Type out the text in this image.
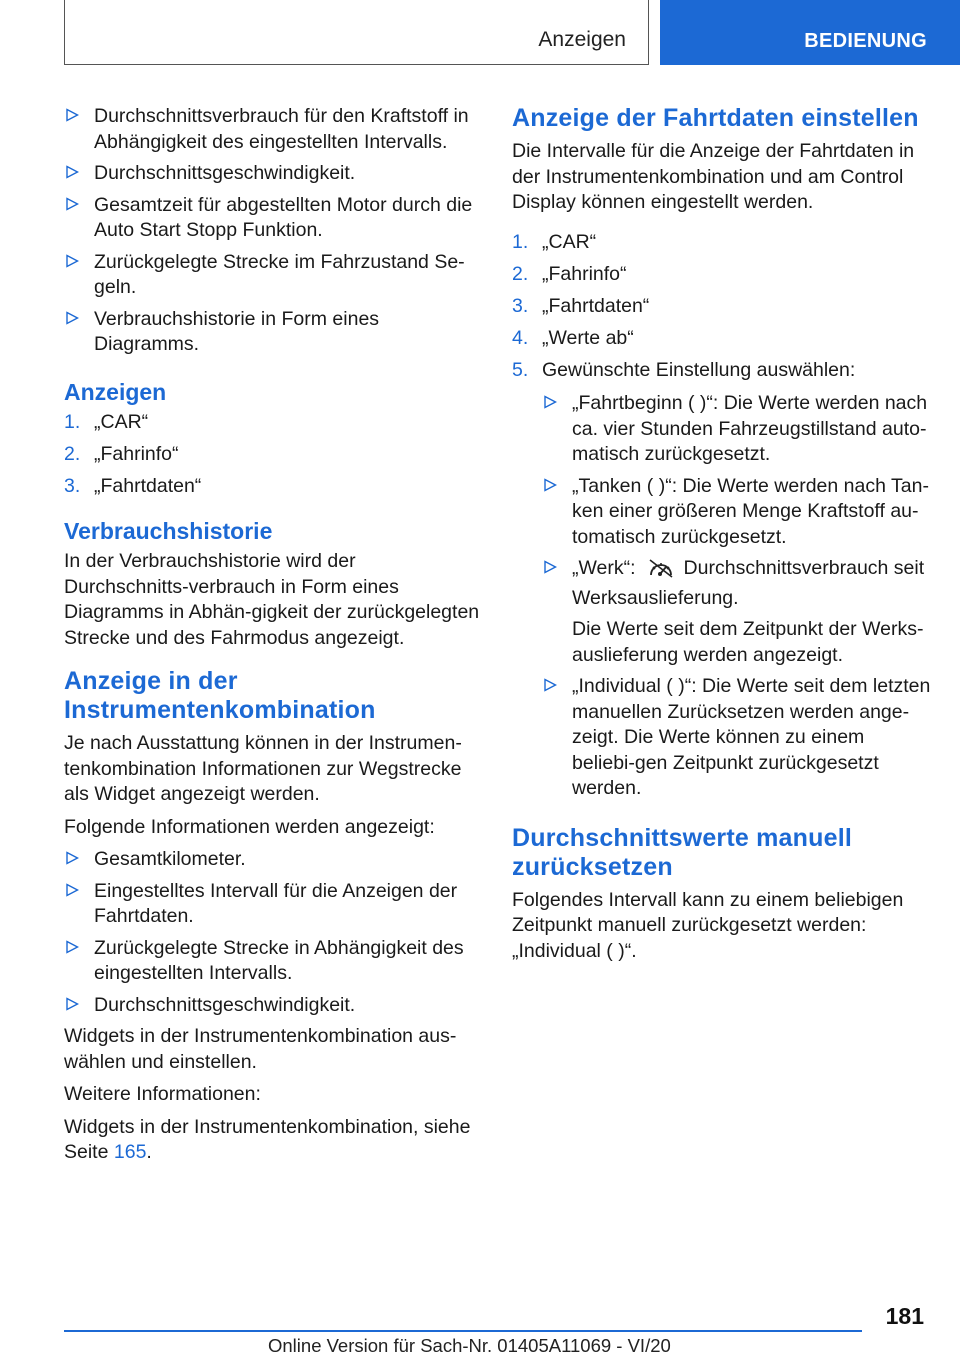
Anzeigen	BEDIENUNG
Durchschnittsverbrauch für den Kraftstoff in Abhängigkeit des eingestellten Intervalls.
Durchschnittsgeschwindigkeit.
Gesamtzeit für abgestellten Motor durch die Auto Start Stopp Funktion.
Zurückgelegte Strecke im Fahrzustand Se-geln.
Verbrauchshistorie in Form eines Diagramms.
Anzeigen
1. „CAR“
2. „Fahrinfo“
3. „Fahrtdaten“
Verbrauchshistorie

In der Verbrauchshistorie wird der Durchschnitts-verbrauch in Form eines Diagramms in Abhän-gigkeit der zurückgelegten Strecke und des Fahrmodus angezeigt.

Anzeige in der Instrumentenkombination

Je nach Ausstattung können in der Instrumen-tenkombination Informationen zur Wegstrecke als Widget angezeigt werden.

Folgende Informationen werden angezeigt:

Gesamtkilometer.
Eingestelltes Intervall für die Anzeigen der Fahrtdaten.
Zurückgelegte Strecke in Abhängigkeit des eingestellten Intervalls.
Durchschnittsgeschwindigkeit.

Widgets in der Instrumentenkombination aus-wählen und einstellen.

Weitere Informationen:

Widgets in der Instrumentenkombination, siehe Seite 165.

Anzeige der Fahrtdaten einstellen

Die Intervalle für die Anzeige der Fahrtdaten in der Instrumentenkombination und am Control Display können eingestellt werden.

1. „CAR“
2. „Fahrinfo“
3. „Fahrtdaten“
4. „Werte ab“
5. Gewünschte Einstellung auswählen:
„Fahrtbeginn ( )“: Die Werte werden nach ca. vier Stunden Fahrzeugstillstand auto-matisch zurückgesetzt.
„Tanken ( )“: Die Werte werden nach Tan-ken einer größeren Menge Kraftstoff au-tomatisch zurückgesetzt.
„Werk“: Durchschnittsverbrauch seit Werksauslieferung.

Die Werte seit dem Zeitpunkt der Werks-auslieferung werden angezeigt.

„Individual ( )“: Die Werte seit dem letzten manuellen Zurücksetzen werden ange-zeigt. Die Werte können zu einem beliebi-gen Zeitpunkt zurückgesetzt werden.
Durchschnittswerte manuell zurücksetzen

Folgendes Intervall kann zu einem beliebigen Zeitpunkt manuell zurückgesetzt werden: „Individual ( )“.

181
Online Version für Sach-Nr. 01405A11069 - VI/20
